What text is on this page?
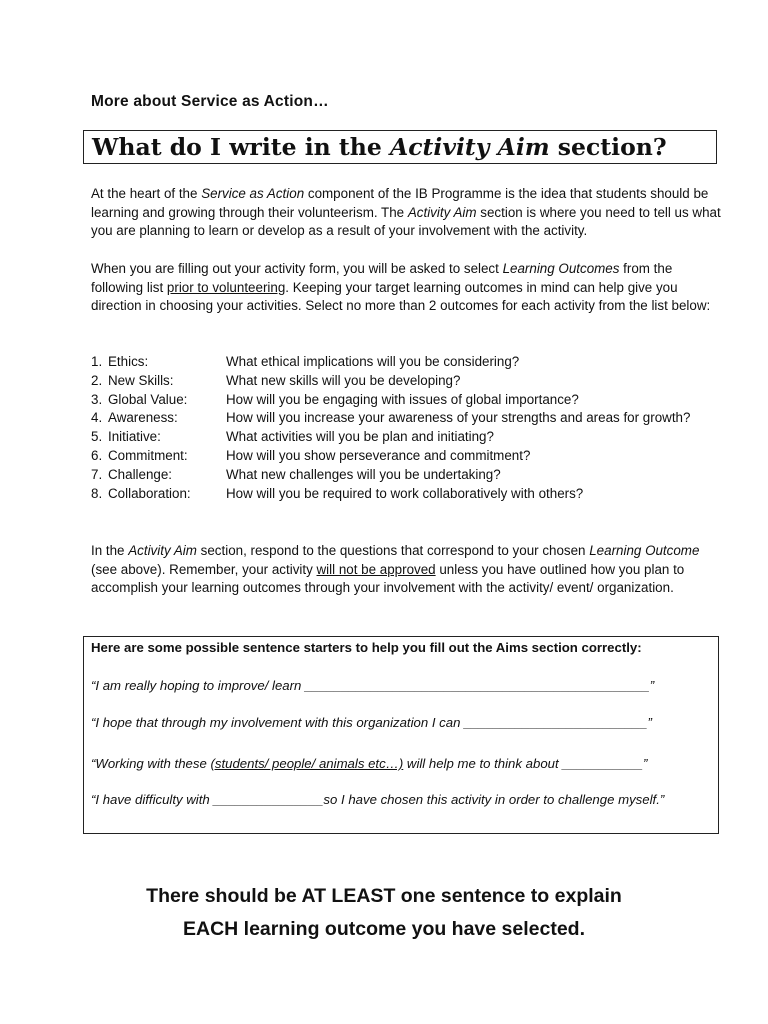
More about Service as Action…
What do I write in the Activity Aim section?

At the heart of the Service as Action component of the IB Programme is the idea that students should be learning and growing through their volunteerism. The Activity Aim section is where you need to tell us what you are planning to learn or develop as a result of your involvement with the activity.

When you are filling out your activity form, you will be asked to select Learning Outcomes from the following list prior to volunteering. Keeping your target learning outcomes in mind can help give you direction in choosing your activities. Select no more than 2 outcomes for each activity from the list below:

1. Ethics:	What ethical implications will you be considering?
2. New Skills:	What new skills will you be developing?
3. Global Value:	How will you be engaging with issues of global importance?
4. Awareness:	How will you increase your awareness of your strengths and areas for growth?
5. Initiative:	What activities will you be plan and initiating?
6. Commitment:	How will you show perseverance and commitment?
7. Challenge:	What new challenges will you be undertaking?
8. Collaboration:	How will you be required to work collaboratively with others?

In the Activity Aim section, respond to the questions that correspond to your chosen Learning Outcome (see above). Remember, your activity will not be approved unless you have outlined how you plan to accomplish your learning outcomes through your involvement with the activity/ event/ organization.

Here are some possible sentence starters to help you fill out the Aims section correctly:
“I am really hoping to improve/ learn _______________________________________________”
“I hope that through my involvement with this organization I can _________________________”
“Working with these (students/ people/ animals etc…) will help me to think about ___________”
“I have difficulty with _______________so I have chosen this activity in order to challenge myself.”
There should be AT LEAST one sentence to explain
EACH learning outcome you have selected.
